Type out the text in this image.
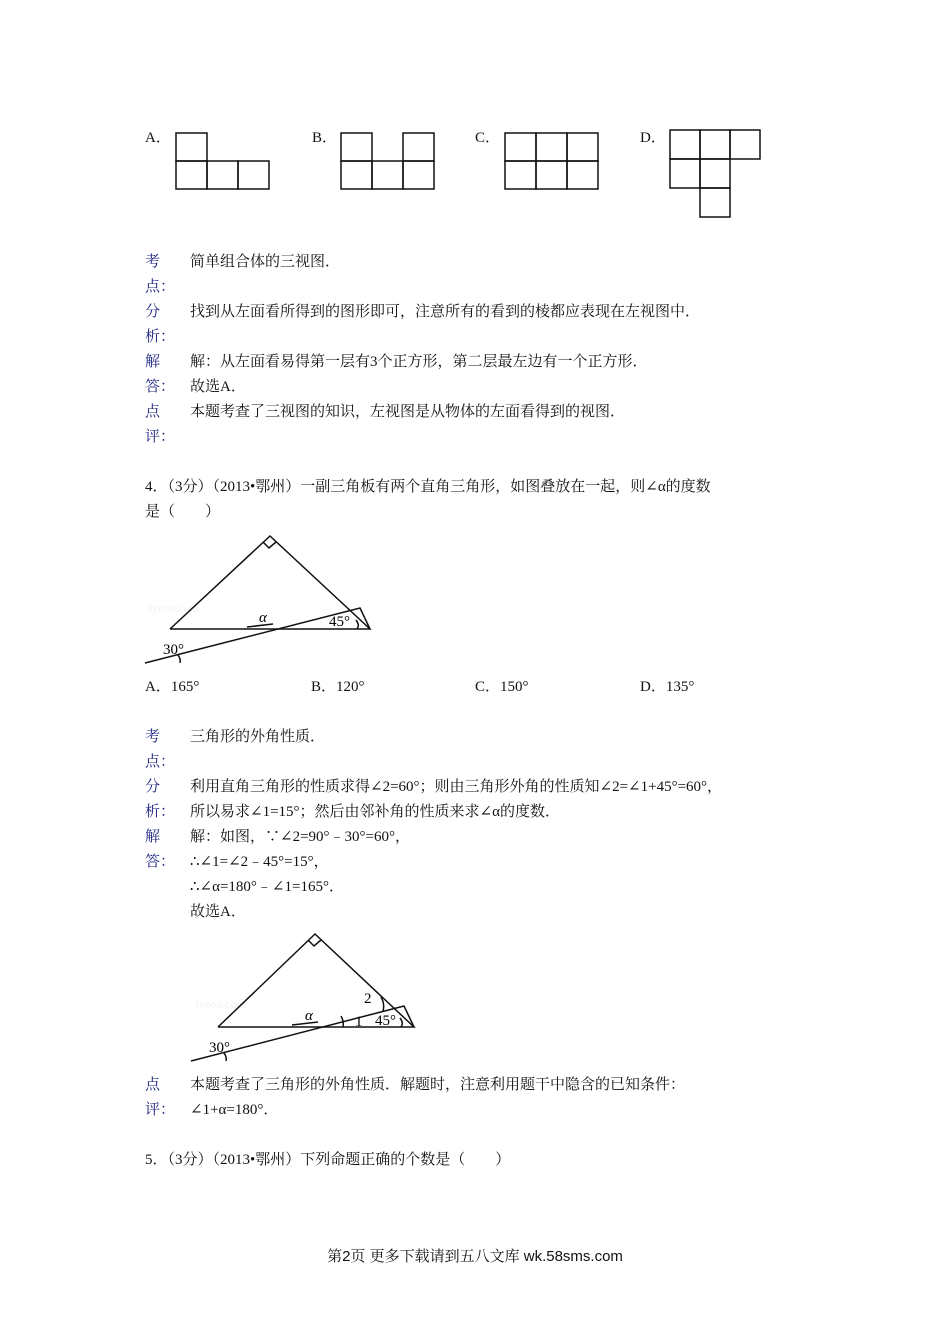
A．	B．	C．	D．
考
点：
简单组合体的三视图．
分
析：
找到从左面看所得到的图形即可，注意所有的看到的棱都应表现在左视图中．
解
答：
解：从左面看易得第一层有3个正方形，第二层最左边有一个正方形．
故选A．
点
评：
本题考查了三视图的知识，左视图是从物体的左面看得到的视图．
4．（3分）（2013•鄂州）一副三角板有两个直角三角形，如图叠放在一起，则∠α的度数
是（　　）
fyeoo.com
α	45°
30°
A．165°	B．120°	C．150°	D．135°
考
点：
三角形的外角性质．
分
析：
利用直角三角形的性质求得∠2=60°；则由三角形外角的性质知∠2=∠1+45°=60°，
所以易求∠1=15°；然后由邻补角的性质来求∠α的度数．
解
答：
解：如图，∵∠2=90°﹣30°=60°，
∴∠1=∠2﹣45°=15°，
∴∠α=180°﹣∠1=165°．
故选A．
fyeoo.com
α
2
1 45°
30°
点
评：
本题考查了三角形的外角性质．解题时，注意利用题干中隐含的已知条件：
∠1+α=180°．
5．（3分）（2013•鄂州）下列命题正确的个数是（　　）
第2页 更多下载请到五八文库 wk.58sms.com
